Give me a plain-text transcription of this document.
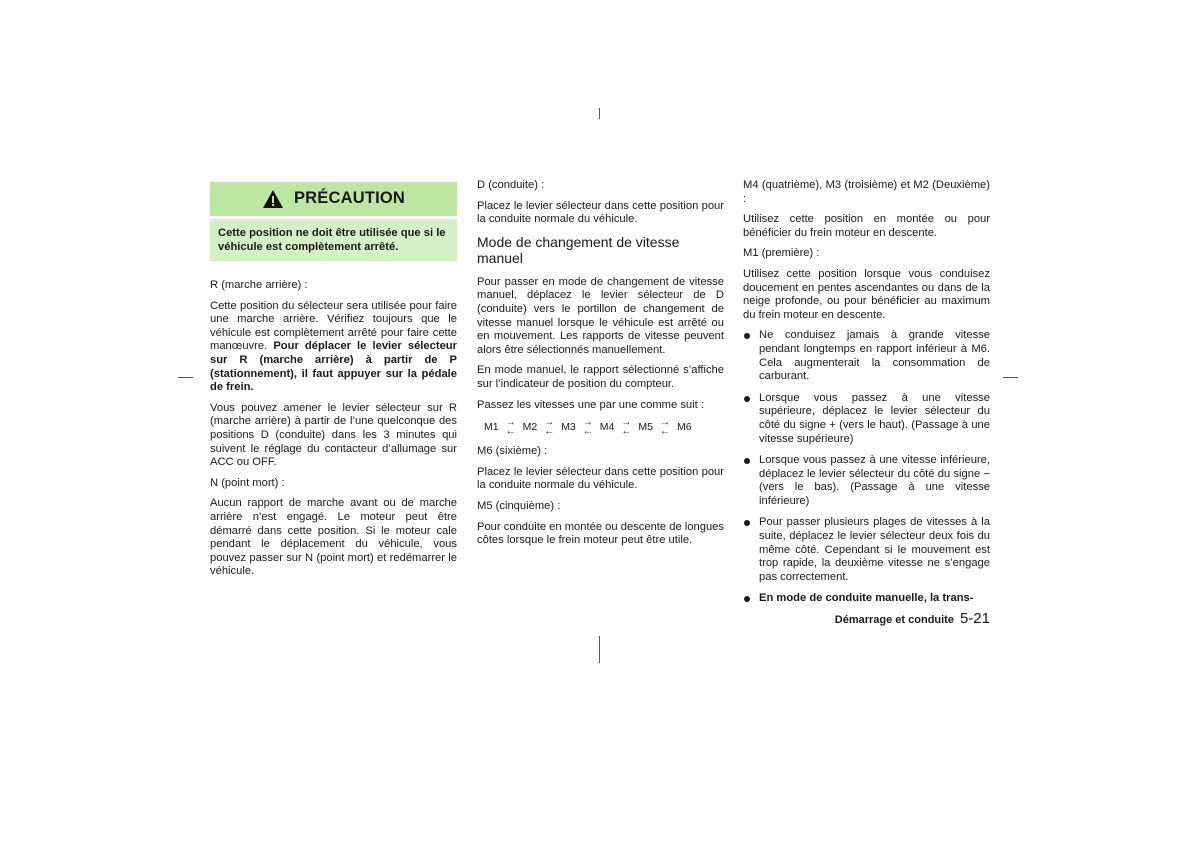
PRÉCAUTION
Cette position ne doit être utilisée que si le véhicule est complètement arrêté.

R (marche arrière) :

Cette position du sélecteur sera utilisée pour faire une marche arrière. Vérifiez toujours que le véhicule est complètement arrêté pour faire cette manœuvre. Pour déplacer le levier sélecteur sur R (marche arrière) à partir de P (stationnement), il faut appuyer sur la pédale de frein.

Vous pouvez amener le levier sélecteur sur R (marche arrière) à partir de l’une quelconque des positions D (conduite) dans les 3 minutes qui suivent le réglage du contacteur d’allumage sur ACC ou OFF.

N (point mort) :

Aucun rapport de marche avant ou de marche arrière n’est engagé. Le moteur peut être démarré dans cette position. Si le moteur cale pendant le déplacement du véhicule, vous pouvez passer sur N (point mort) et redémarrer le véhicule.

D (conduite) :

Placez le levier sélecteur dans cette position pour la conduite normale du véhicule.

Mode de changement de vitesse manuel

Pour passer en mode de changement de vitesse manuel, déplacez le levier sélecteur de D (conduite) vers le portillon de changement de vitesse manuel lorsque le véhicule est arrêté ou en mouvement. Les rapports de vitesse peuvent alors être sélectionnés manuellement.

En mode manuel, le rapport sélectionné s’affiche sur l’indicateur de position du compteur.

Passez les vitesses une par une comme suit :

M1 →
← M2 →
← M3 →
← M4 →
← M5 →
← M6

M6 (sixième) :

Placez le levier sélecteur dans cette position pour la conduite normale du véhicule.

M5 (cinquième) :

Pour conduite en montée ou descente de longues côtes lorsque le frein moteur peut être utile.

M4 (quatrième), M3 (troisième) et M2 (Deuxième) :

Utilisez cette position en montée ou pour bénéficier du frein moteur en descente.

M1 (première) :

Utilisez cette position lorsque vous conduisez doucement en pentes ascendantes ou dans de la neige profonde, ou pour bénéficier au maximum du frein moteur en descente.

Ne conduisez jamais à grande vitesse pendant longtemps en rapport inférieur à M6. Cela augmenterait la consommation de carburant.
Lorsque vous passez à une vitesse supérieure, déplacez le levier sélecteur du côté du signe + (vers le haut). (Passage à une vitesse supérieure)
Lorsque vous passez à une vitesse inférieure, déplacez le levier sélecteur du côté du signe − (vers le bas). (Passage à une vitesse inférieure)
Pour passer plusieurs plages de vitesses à la suite, déplacez le levier sélecteur deux fois du même côté. Cependant si le mouvement est trop rapide, la deuxième vitesse ne s’engage pas correctement.
En mode de conduite manuelle, la trans-
Démarrage et conduite 5-21
